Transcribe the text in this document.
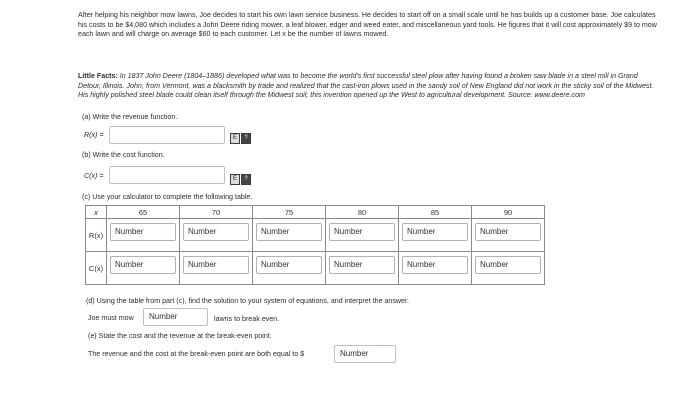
After helping his neighbor mow lawns, Joe decides to start his own lawn service business. He decides to start off on a small scale until he has builds up a customer base. Joe calculates his costs to be $4,080 which includes a John Deere riding mower, a leaf blower, edger and weed eater, and miscellaneous yard tools. He figures that it will cost approximately $9 to mow each lawn and will charge on average $60 to each customer. Let x be the number of lawns mowed.
Little Facts: In 1837 John Deere (1804–1886) developed what was to become the world's first successful steel plow after having found a broken saw blade in a steel mill in Grand Detour, Illinois. John, from Vermont, was a blacksmith by trade and realized that the cast-iron plows used in the sandy soil of New England did not work in the sticky soil of the Midwest. His highly polished steel blade could clean itself through the Midwest soil; this invention opened up the West to agricultural development. Source: www.deere.com
(a) Write the revenue function.
R(x) =	E	?
(b) Write the cost function.
C(x) =	E	?
(c) Use your calculator to complete the following table.
x	65	70	75	80	85	90
R(x)	Number	Number	Number	Number	Number	Number

C(x)	Number	Number	Number	Number	Number	Number
(d) Using the table from part (c), find the solution to your system of equations, and interpret the answer.
Joe must mow	Number	lawns to break even.
(e) State the cost and the revenue at the break-even point.
The revenue and the cost at the break-even point are both equal to $	Number
